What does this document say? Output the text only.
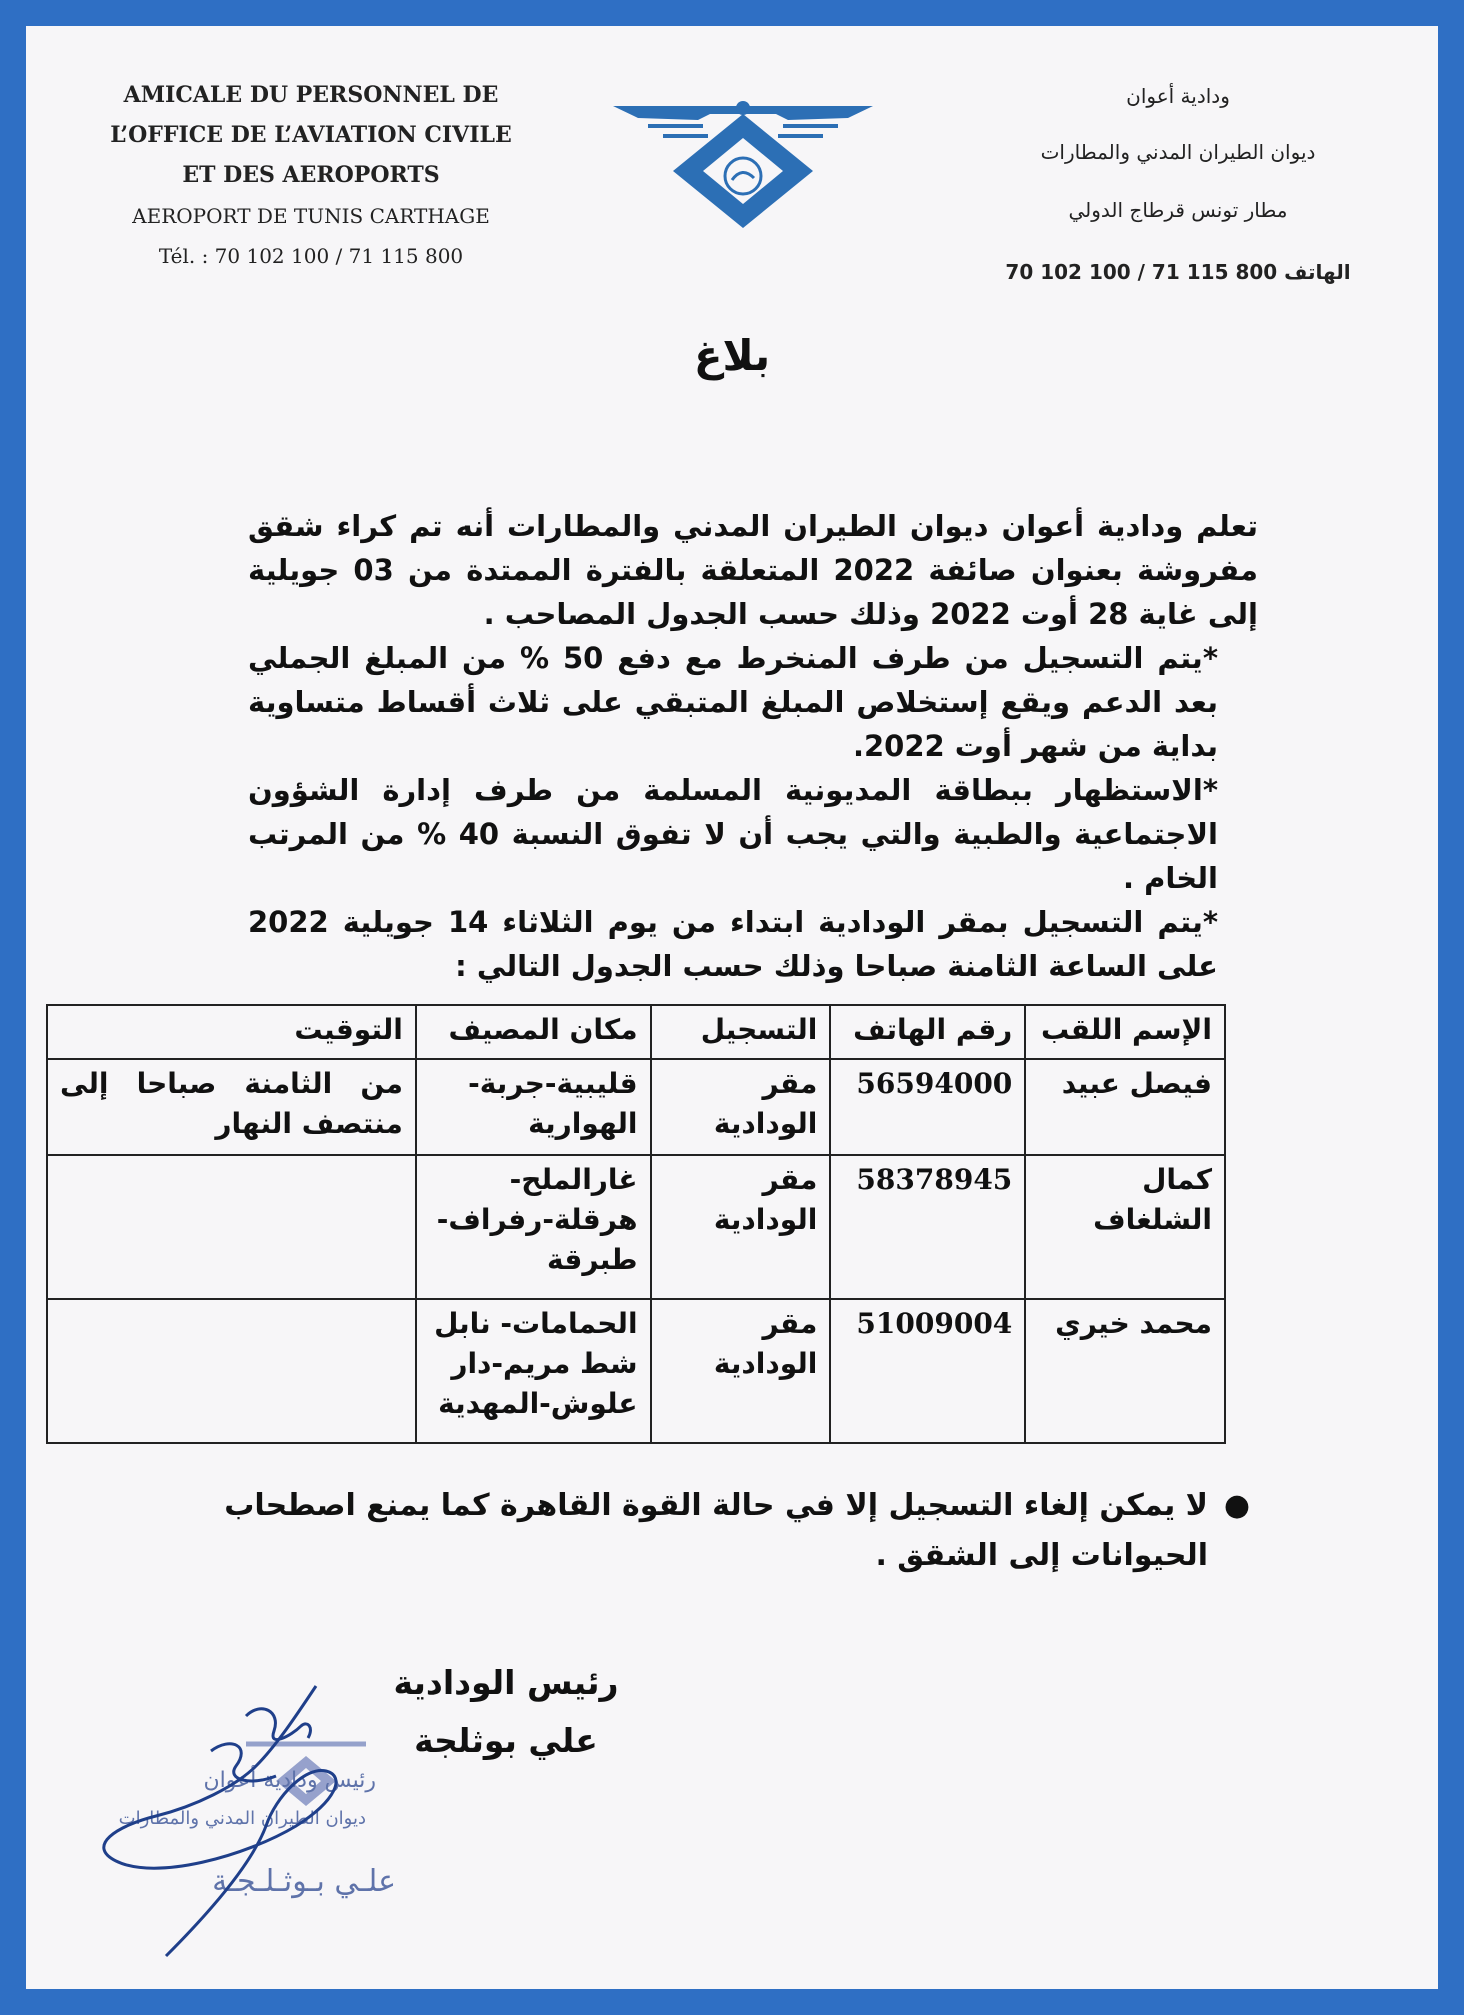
AMICALE DU PERSONNEL DE
L’OFFICE DE L’AVIATION CIVILE
ET DES AEROPORTS
AEROPORT DE TUNIS CARTHAGE
Tél. : 70 102 100 / 71 115 800
ودادية أعوان
ديوان الطيران المدني والمطارات
مطار تونس قرطاج الدولي
الهاتف 800 115 71 / 100 102 70
بلاغ

تعلم ودادية أعوان ديوان الطيران المدني والمطارات أنه تم كراء شقق مفروشة بعنوان صائفة 2022 المتعلقة بالفترة الممتدة من 03 جويلية إلى غاية 28 أوت 2022 وذلك حسب الجدول المصاحب .

*يتم التسجيل من طرف المنخرط مع دفع 50 % من المبلغ الجملي بعد الدعم ويقع إستخلاص المبلغ المتبقي على ثلاث أقساط متساوية بداية من شهر أوت 2022.

*الاستظهار ببطاقة المديونية المسلمة من طرف إدارة الشؤون الاجتماعية والطبية والتي يجب أن لا تفوق النسبة 40 % من المرتب الخام .

*يتم التسجيل بمقر الودادية ابتداء من يوم الثلاثاء 14 جويلية 2022 على الساعة الثامنة صباحا وذلك حسب الجدول التالي :

الإسم اللقب	رقم الهاتف	التسجيل	مكان المصيف	التوقيت
فيصل عبيد	56594000	مقر الودادية	قليبية-جربة-الهوارية	من الثامنة صباحا إلى منتصف النهار
كمال الشلغاف	58378945	مقر الودادية	غارالملح-هرقلة-رفراف-طبرقة	
محمد خيري	51009004	مقر الودادية	الحمامات- نابل شط مريم-دار علوش-المهدية	
●
لا يمكن إلغاء التسجيل إلا في حالة القوة القاهرة كما يمنع اصطحاب الحيوانات إلى الشقق .
رئيس الودادية
علي بوثلجة
رئيس ودادية أعوان
ديوان الطيران المدني والمطارات
علـي بـوثـلـجـة
